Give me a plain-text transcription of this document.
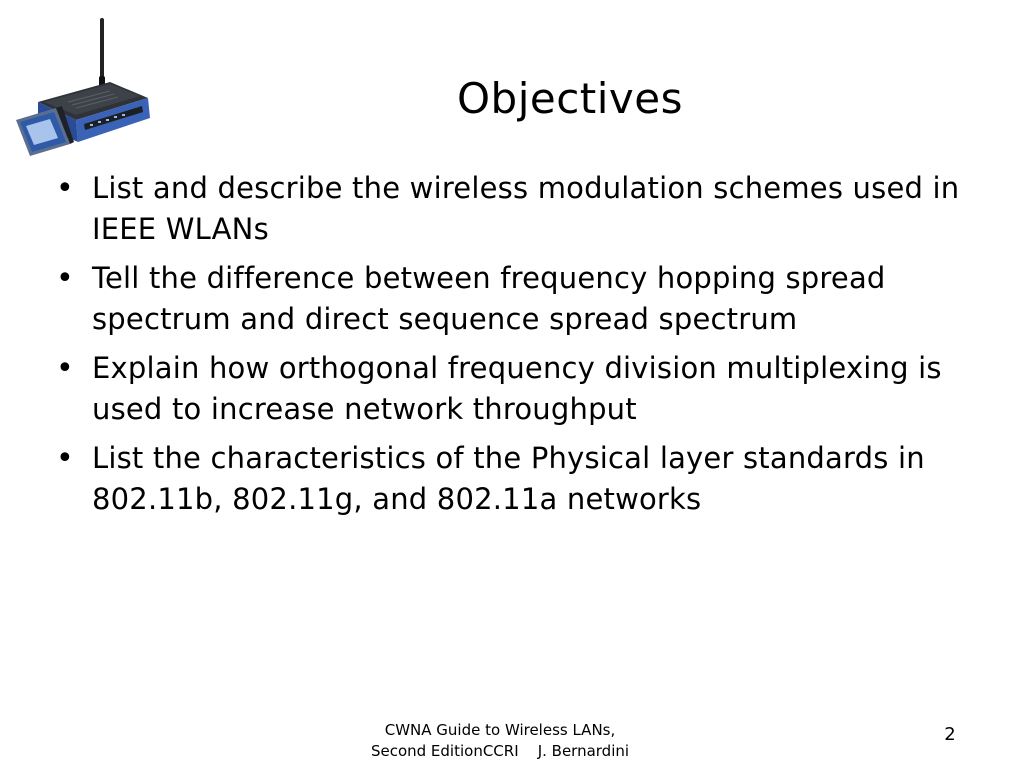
Objectives
• List and describe the wireless modulation schemes used in IEEE WLANs
• Tell the difference between frequency hopping spread spectrum and direct sequence spread spectrum
• Explain how orthogonal frequency division multiplexing is used to increase network throughput
• List the characteristics of the Physical layer standards in 802.11b, 802.11g, and 802.11a networks
CWNA Guide to Wireless LANs,
Second EditionCCRI    J. Bernardini
2
